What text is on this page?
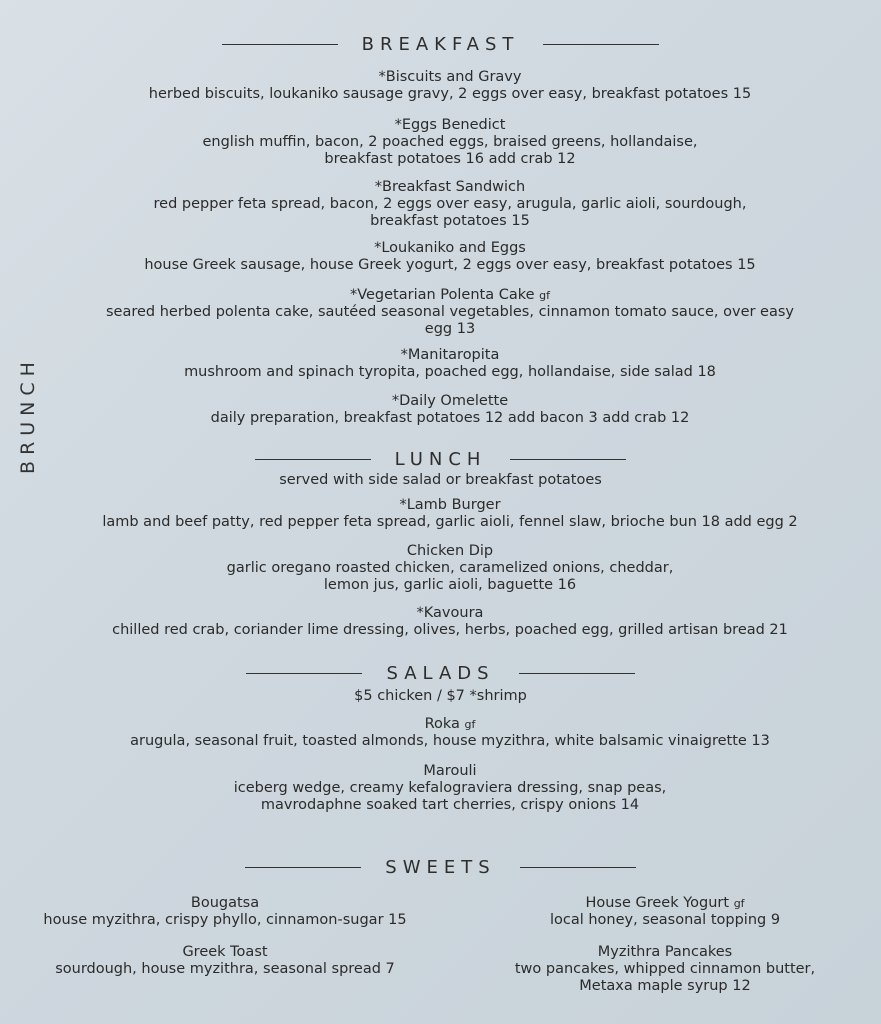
BRUNCH
BREAKFAST
*Biscuits and Gravy
herbed biscuits, loukaniko sausage gravy, 2 eggs over easy, breakfast potatoes 15
*Eggs Benedict
english muffin, bacon, 2 poached eggs, braised greens, hollandaise,
breakfast potatoes 16 add crab 12
*Breakfast Sandwich
red pepper feta spread, bacon, 2 eggs over easy, arugula, garlic aioli, sourdough,
breakfast potatoes 15
*Loukaniko and Eggs
house Greek sausage, house Greek yogurt, 2 eggs over easy, breakfast potatoes 15
*Vegetarian Polenta Cake gf
seared herbed polenta cake, sautéed seasonal vegetables, cinnamon tomato sauce, over easy
egg 13
*Manitaropita
mushroom and spinach tyropita, poached egg, hollandaise, side salad 18
*Daily Omelette
daily preparation, breakfast potatoes 12 add bacon 3 add crab 12
LUNCH
served with side salad or breakfast potatoes
*Lamb Burger
lamb and beef patty, red pepper feta spread, garlic aioli, fennel slaw, brioche bun 18 add egg 2
Chicken Dip
garlic oregano roasted chicken, caramelized onions, cheddar,
lemon jus, garlic aioli, baguette 16
*Kavoura
chilled red crab, coriander lime dressing, olives, herbs, poached egg, grilled artisan bread 21
SALADS
$5 chicken / $7 *shrimp
Roka gf
arugula, seasonal fruit, toasted almonds, house myzithra, white balsamic vinaigrette 13
Marouli
iceberg wedge, creamy kefalograviera dressing, snap peas,
mavrodaphne soaked tart cherries, crispy onions 14
SWEETS
Bougatsa
house myzithra, crispy phyllo, cinnamon-sugar 15
House Greek Yogurt gf
local honey, seasonal topping 9
Greek Toast
sourdough, house myzithra, seasonal spread 7
Myzithra Pancakes
two pancakes, whipped cinnamon butter,
Metaxa maple syrup 12
